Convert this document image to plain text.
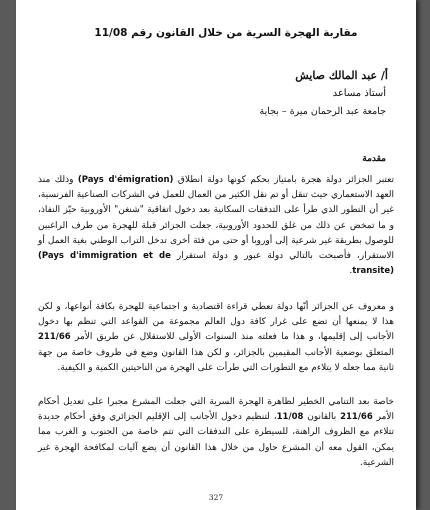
مقاربة الهجرة السرية من خلال القانون رقم 11/08
أ/ عبد المالك صايش
أستاذ مساعد
جامعة عبد الرحمان ميرة – بجاية
مقدمة

تعتبر الجزائر دولة هجرة بامتياز بحكم كونها دولة انطلاق (Pays d'émigration) وذلك منذ العهد الاستعماري حيث تنقل أو تم نقل الكثير من العمال للعمل في الشركات الصناعية الفرنسية، غير أن التطور الذي طرأ على التدفقات السكانية بعد دخول اتفاقية "شنغن" الأوروبية حيّز النفاذ، و ما تمخض عن ذلك من غلق للحدود الأوروبية، جعلت الجزائر قبلة للهجرة من طرف الراغبين للوصول بطريقة غير شرعية إلى أوروبا أو حتى من فئة أخرى تدخل التراب الوطني بغية العمل أو الاستقرار، فأصبحت بالتالي دولة عبور و دولة استقرار (Pays d'immigration et de transite).

و معروف عن الجزائر أنّها دولة تعطي قراءة اقتصادية و اجتماعية للهجرة بكافة أنواعها، و لكن هذا لا يمنعها أن تضع على غرار كافة دول العالم مجموعة من القواعد التي تنظم بها دخول الأجانب إلى إقليمها، و هذا ما فعلته منذ السنوات الأولى للاستقلال عن طريق الأمر 211/66 المتعلق بوضعية الأجانب المقيمين بالجزائر، و لكن هذا القانون وضع في ظروف خاصة من جهة ثانية مما جعله لا يتلاءم مع التطورات التي طرأت على الهجرة من الناحيتين الكمية و الكيفية.

خاصة بعد التنامي الخطير لظاهرة الهجرة السرية التي جعلت المشرع مجبرا على تعديل أحكام الأمر 211/66 بالقانون 11/08، لتنظيم دخول الأجانب إلى الإقليم الجزائري وفق أحكام جديدة تتلاءم مع الظروف الراهنة، للسيطرة على التدفقات التي تتم خاصة من الجنوب و الغرب مما يمكن، القول معه أن المشرع حاول من خلال هذا القانون أن يضع آليات لمكافحة الهجرة غير الشرعية.

327
